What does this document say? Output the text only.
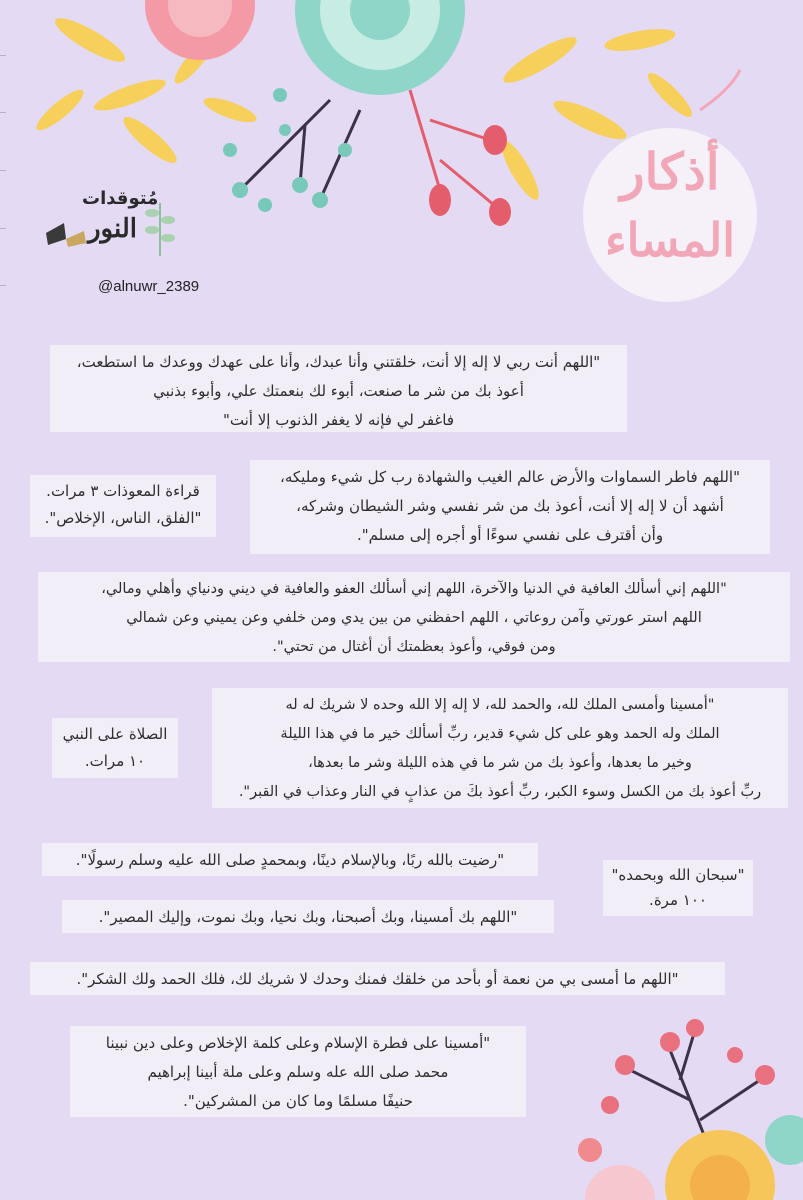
أذكار
المساء
مُتوقدات
النور
@alnuwr_2389
"اللهم أنت ربي لا إله إلا أنت، خلقتني وأنا عبدك، وأنا على عهدك ووعدك ما استطعت،
أعوذ بك من شر ما صنعت، أبوء لك بنعمتك علي، وأبوء بذنبي
فاغفر لي فإنه لا يغفر الذنوب إلا أنت"
"اللهم فاطر السماوات والأرض عالم الغيب والشهادة رب كل شيء ومليكه،
أشهد أن لا إله إلا أنت، أعوذ بك من شر نفسي وشر الشيطان وشركه،
وأن أقترف على نفسي سوءًا أو أجره إلى مسلم".
قراءة المعوذات ٣ مرات.
"الفلق، الناس، الإخلاص".
"اللهم إني أسألك العافية في الدنيا والآخرة، اللهم إني أسألك العفو والعافية في ديني ودنياي وأهلي ومالي،
اللهم استر عورتي وآمن روعاتي ، اللهم احفظني من بين يدي ومن خلفي وعن يميني وعن شمالي
ومن فوقي، وأعوذ بعظمتك أن أغتال من تحتي".
"أمسينا وأمسى الملك لله، والحمد لله، لا إله إلا الله وحده لا شريك له له
الملك وله الحمد وهو على كل شيء قدير، ربِّ أسألك خير ما في هذا الليلة
وخير ما بعدها، وأعوذ بك من شر ما في هذه الليلة وشر ما بعدها،
ربِّ أعوذ بك من الكسل وسوء الكبر، ربِّ أعوذ بكَ من عذابٍ في النار وعذاب في القبر".
الصلاة على النبي
١٠ مرات.
"رضيت بالله ربًا، وبالإسلام دينًا، وبمحمدٍ صلى الله عليه وسلم رسولًا".
"سبحان الله وبحمده"
١٠٠ مرة.
"اللهم بك أمسينا، وبك أصبحنا، وبك نحيا، وبك نموت، وإليك المصير".
"اللهم ما أمسى بي من نعمة أو بأحد من خلقك فمنك وحدك لا شريك لك، فلك الحمد ولك الشكر".
"أمسينا على فطرة الإسلام وعلى كلمة الإخلاص وعلى دين نبينا
محمد صلى الله عله وسلم وعلى ملة أبينا إبراهيم
حنيفًا مسلمًا وما كان من المشركين".
